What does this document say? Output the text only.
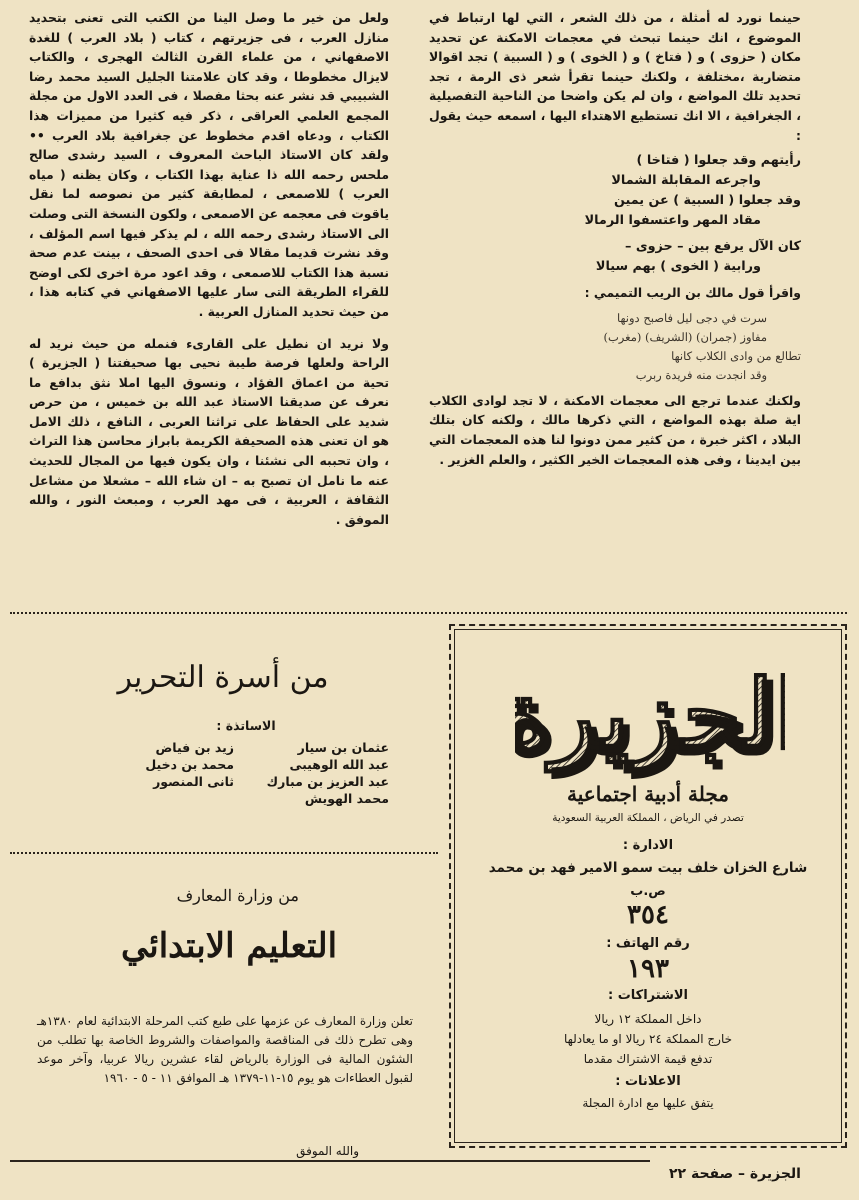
حينما نورد له أمثلة ، من ذلك الشعر ، التي لها ارتباط في الموضوع ، انك حينما تبحث في معجمات الامكنة عن تحديد مكان ( حزوى ) و ( فتاخ ) و ( الخوى ) و ( السبية ) تجد اقوالا متضاربة ،مختلفة ، ولكنك حينما تقرأ شعر ذى الرمة ، تجد تحديد تلك المواضع ، وان لم يكن واضحا من الناحية التفصيلية ، الجغرافية ، الا انك تستطيع الاهتداء اليها ، اسمعه حيث يقول :

رأيتهم وقد جعلوا ( فتاخا )
واجرعه المقابلة الشمالا
وقد جعلوا ( السبية ) عن يمين
مقاد المهر واعتسفوا الرمالا
كان الآل يرفع بين – حزوى –
ورابية ( الخوى ) بهم سيالا

واقرأ قول مالك بن الريب التميمي :

سرت في دجى ليل فاصبح دونها
مفاوز (جمران) (الشريف) (مغرب)
تطالع من وادى الكلاب كانها
وقد انجدت منه فريدة ربرب

ولكنك عندما ترجع الى معجمات الامكنة ، لا تجد لوادى الكلاب اية صلة بهذه المواضع ، التي ذكرها مالك ، ولكنه كان بتلك البلاد ، اكثر خبرة ، من كثير ممن دونوا لنا هذه المعجمات التي بين ايدينا ، وفى هذه المعجمات الخير الكثير ، والعلم الغزير .

ولعل من خير ما وصل الينا من الكتب التى تعنى بتحديد منازل العرب ، فى جزيرتهم ، كتاب ( بلاد العرب ) للغدة الاصفهاني ، من علماء القرن الثالث الهجرى ، والكتاب لايزال مخطوطا ، وقد كان علامتنا الجليل السيد محمد رضا الشبيبي قد نشر عنه بحثا مفصلا ، فى العدد الاول من مجلة المجمع العلمي العراقى ، ذكر فيه كثيرا من مميزات هذا الكتاب ، ودعاه اقدم مخطوط عن جغرافية بلاد العرب •• ولقد كان الاستاذ الباحث المعروف ، السيد رشدى صالح ملحس رحمه الله ذا عناية بهذا الكتاب ، وكان يظنه ( مياه العرب ) للاصمعى ، لمطابقة كثير من نصوصه لما نقل ياقوت فى معجمه عن الاصمعى ، ولكون النسخة التى وصلت الى الاستاذ رشدى رحمه الله ، لم يذكر فيها اسم المؤلف ، وقد نشرت قديما مقالا فى احدى الصحف ، بينت عدم صحة نسبة هذا الكتاب للاصمعى ، وقد اعود مرة اخرى لكى اوضح للقراء الطريقة التى سار عليها الاصفهاني في كتابه هذا ، من حيث تحديد المنازل العربية .

ولا نريد ان نطيل على القارىء فنمله من حيث نريد له الراحة ولعلها فرصة طيبة نحيى بها صحيفتنا ( الجزيرة ) تحية من اعماق الفؤاد ، ونسوق اليها املا نثق بدافع ما نعرف عن صديقنا الاستاذ عبد الله بن خميس ، من حرص شديد على الحفاظ على تراثنا العربى ، النافع ، ذلك الامل هو ان تعنى هذه الصحيفة الكريمة بابراز محاسن هذا التراث ، وان تحببه الى نشئنا ، وان يكون فيها من المجال للحديث عنه ما نامل ان تصبح به – ان شاء الله – مشعلا من مشاعل الثقافة ، العربية ، فى مهد العرب ، ومبعث النور ، والله الموفق .

لجزيرة	لجزيرة
مجلة أدبية اجتماعية
تصدر في الرياض ، المملكة العربية السعودية
الادارة :
شارع الخزان خلف بيت سمو الامير فهد بن محمد
ص.ب
٣٥٤
رقم الهاتف :
١٩٣
الاشتراكات :
داخل المملكة ١٢ ريالا
خارج المملكة ٢٤ ريالا او ما يعادلها
تدفع قيمة الاشتراك مقدما
الاعلانات :
يتفق عليها مع ادارة المجلة
من أسرة التحرير
الاساتذة :
عثمان بن سيار
زيد بن فياض
عبد الله الوهيبى
محمد بن دخيل
عبد العزيز بن مبارك
ثانى المنصور
محمد الهويش
من وزارة المعارف
التعليم الابتدائي
تعلن وزارة المعارف عن عزمها على طبع كتب المرحلة الابتدائية لعام ١٣٨٠هـ وهى تطرح ذلك فى المناقصة والمواصفات والشروط الخاصة بها تطلب من الشئون المالية فى الوزارة بالرياض لقاء عشرين ريالا عربيا، وآخر موعد لقبول العطاءات هو يوم ١٥-١١-١٣٧٩ هـ الموافق ١١ - ٥ - ١٩٦٠
والله الموفق
الجزيرة – صفحة ٢٢
